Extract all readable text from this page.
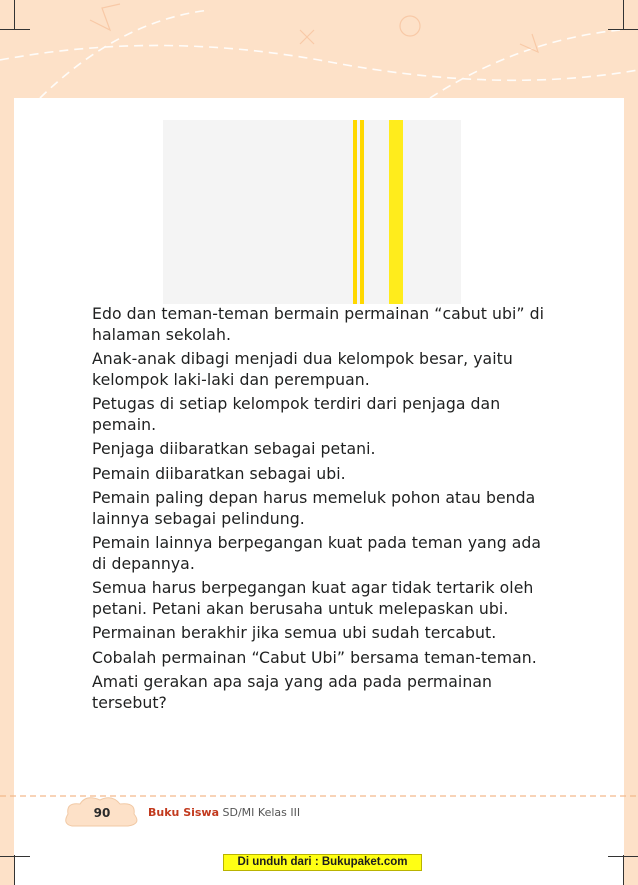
Edo dan teman-teman bermain permainan “cabut ubi” di halaman sekolah.

Anak-anak dibagi menjadi dua kelompok besar, yaitu kelompok laki-laki dan perempuan.

Petugas di setiap kelompok terdiri dari penjaga dan pemain.

Penjaga diibaratkan sebagai petani.

Pemain diibaratkan sebagai ubi.

Pemain paling depan harus memeluk pohon atau benda lainnya sebagai pelindung.

Pemain lainnya berpegangan kuat pada teman yang ada di depannya.

Semua harus berpegangan kuat agar tidak tertarik oleh petani. Petani akan berusaha untuk melepaskan ubi.

Permainan berakhir jika semua ubi sudah tercabut.

Cobalah permainan “Cabut Ubi” bersama teman-teman.

Amati gerakan apa saja yang ada pada permainan tersebut?

90	Buku Siswa SD/MI Kelas III
Di unduh dari : Bukupaket.com
